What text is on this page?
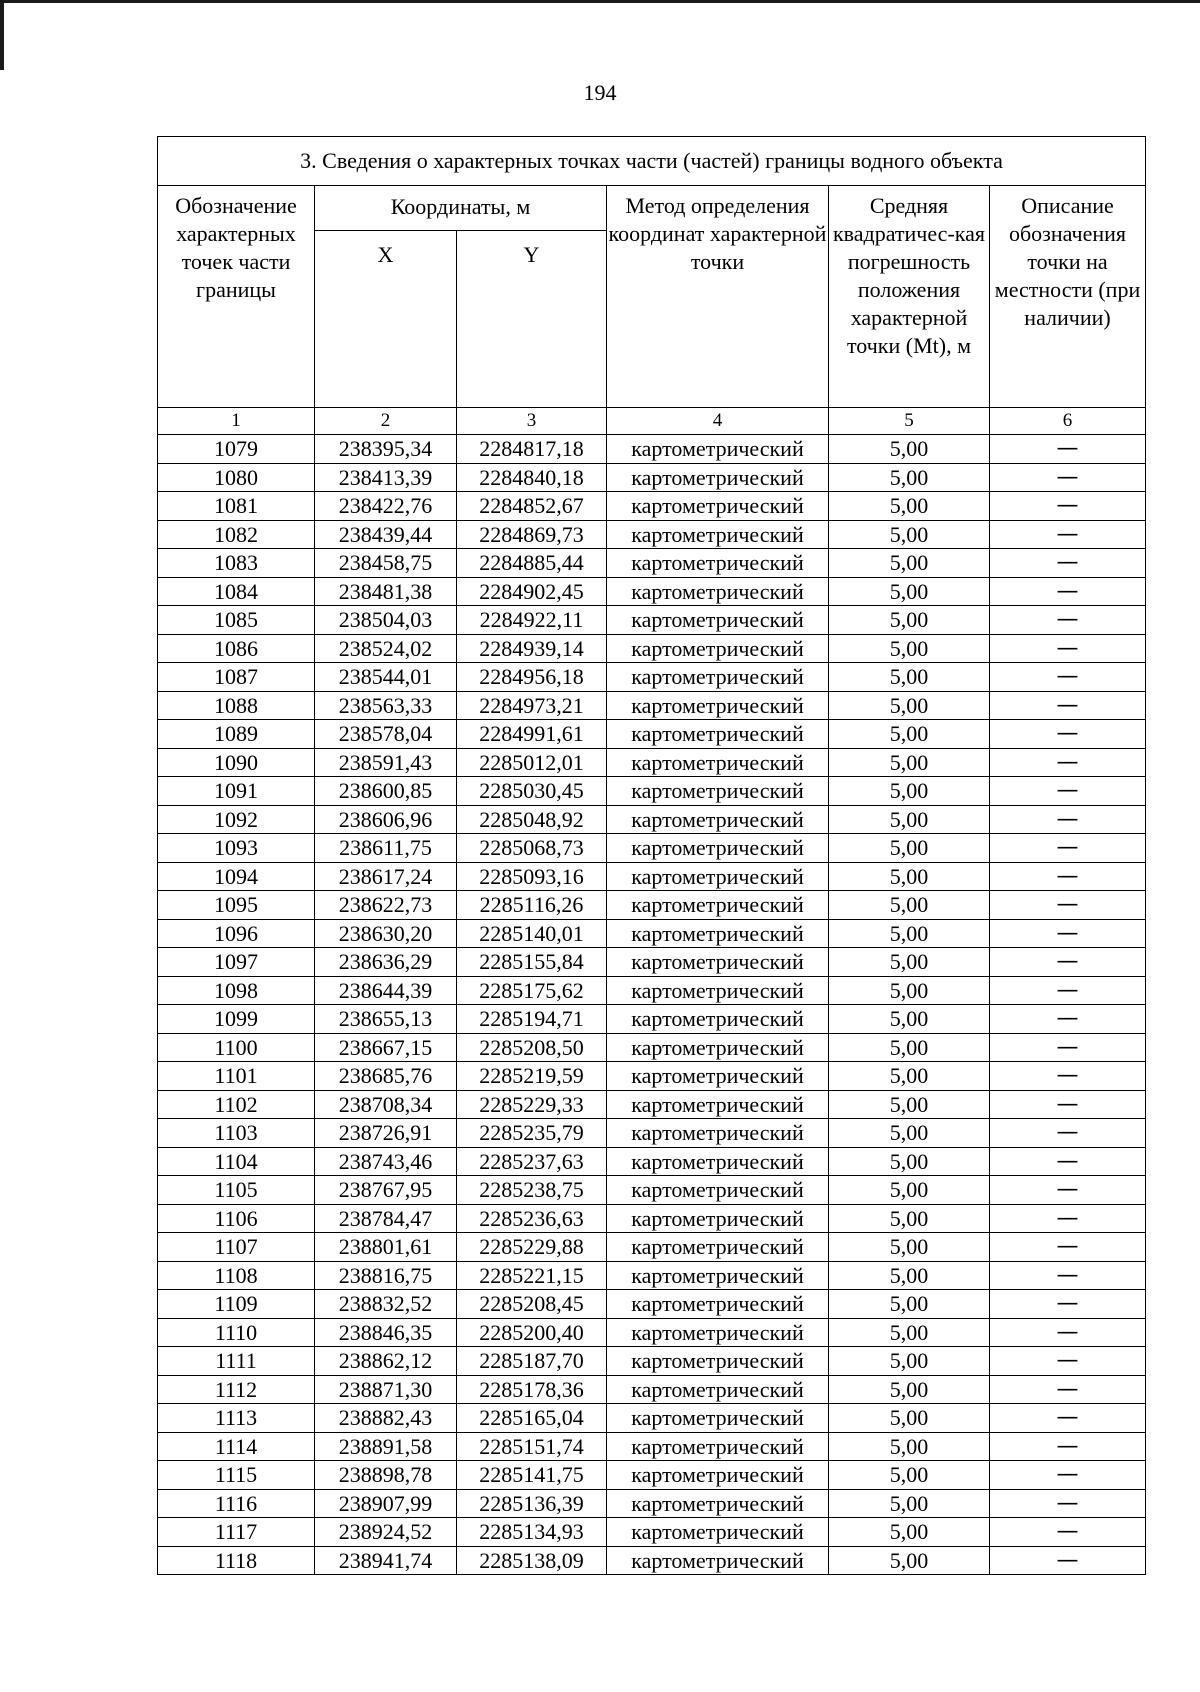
194
3. Сведения о характерных точках части (частей) границы водного объекта					
Обозначение характерных точек части границы	Координаты, м		Метод определения координат характерной точки	Средняя квадратичес-кая погрешность положения характерной точки (Mt), м	Описание обозначения точки на местности (при наличии)
	X	Y			
1	2	3	4	5	6
1079	238395,34	2284817,18	картометрический	5,00	—
1080	238413,39	2284840,18	картометрический	5,00	—
1081	238422,76	2284852,67	картометрический	5,00	—
1082	238439,44	2284869,73	картометрический	5,00	—
1083	238458,75	2284885,44	картометрический	5,00	—
1084	238481,38	2284902,45	картометрический	5,00	—
1085	238504,03	2284922,11	картометрический	5,00	—
1086	238524,02	2284939,14	картометрический	5,00	—
1087	238544,01	2284956,18	картометрический	5,00	—
1088	238563,33	2284973,21	картометрический	5,00	—
1089	238578,04	2284991,61	картометрический	5,00	—
1090	238591,43	2285012,01	картометрический	5,00	—
1091	238600,85	2285030,45	картометрический	5,00	—
1092	238606,96	2285048,92	картометрический	5,00	—
1093	238611,75	2285068,73	картометрический	5,00	—
1094	238617,24	2285093,16	картометрический	5,00	—
1095	238622,73	2285116,26	картометрический	5,00	—
1096	238630,20	2285140,01	картометрический	5,00	—
1097	238636,29	2285155,84	картометрический	5,00	—
1098	238644,39	2285175,62	картометрический	5,00	—
1099	238655,13	2285194,71	картометрический	5,00	—
1100	238667,15	2285208,50	картометрический	5,00	—
1101	238685,76	2285219,59	картометрический	5,00	—
1102	238708,34	2285229,33	картометрический	5,00	—
1103	238726,91	2285235,79	картометрический	5,00	—
1104	238743,46	2285237,63	картометрический	5,00	—
1105	238767,95	2285238,75	картометрический	5,00	—
1106	238784,47	2285236,63	картометрический	5,00	—
1107	238801,61	2285229,88	картометрический	5,00	—
1108	238816,75	2285221,15	картометрический	5,00	—
1109	238832,52	2285208,45	картометрический	5,00	—
1110	238846,35	2285200,40	картометрический	5,00	—
1111	238862,12	2285187,70	картометрический	5,00	—
1112	238871,30	2285178,36	картометрический	5,00	—
1113	238882,43	2285165,04	картометрический	5,00	—
1114	238891,58	2285151,74	картометрический	5,00	—
1115	238898,78	2285141,75	картометрический	5,00	—
1116	238907,99	2285136,39	картометрический	5,00	—
1117	238924,52	2285134,93	картометрический	5,00	—
1118	238941,74	2285138,09	картометрический	5,00	—
